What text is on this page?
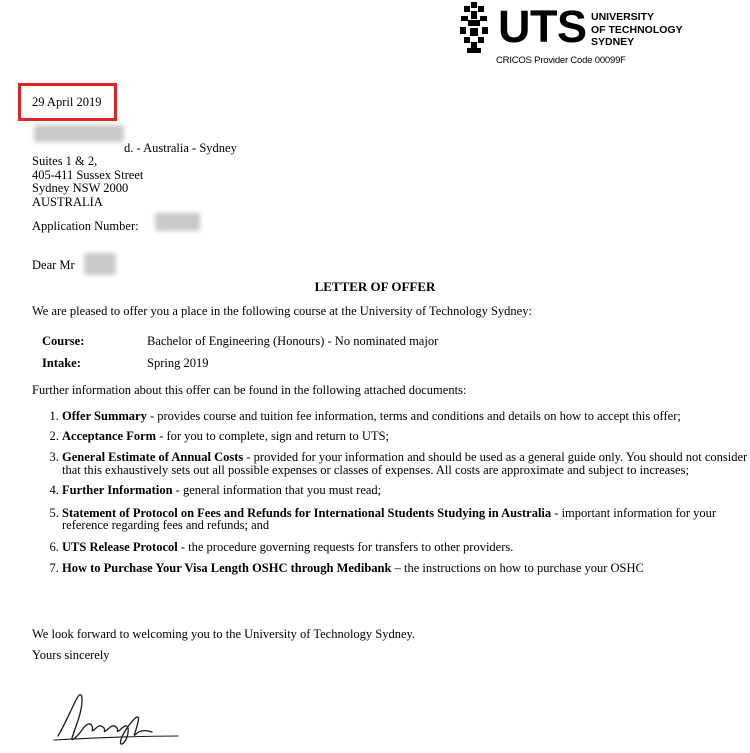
UTS UNIVERSITY
OF TECHNOLOGY
SYDNEY
CRICOS Provider Code 00099F
29 April 2019
d. - Australia - Sydney
Suites 1 & 2,
405-411 Sussex Street
Sydney NSW 2000
AUSTRALIA
Application Number:
Dear Mr
LETTER OF OFFER
We are pleased to offer you a place in the following course at the University of Technology Sydney:
Course:	Bachelor of Engineering (Honours) - No nominated major
Intake:	Spring 2019
Further information about this offer can be found in the following attached documents:
1. Offer Summary - provides course and tuition fee information, terms and conditions and details on how to accept this offer;
2. Acceptance Form - for you to complete, sign and return to UTS;
3. General Estimate of Annual Costs - provided for your information and should be used as a general guide only. You should not consider that this exhaustively sets out all possible expenses or classes of expenses. All costs are approximate and subject to increases;
4. Further Information - general information that you must read;
5. Statement of Protocol on Fees and Refunds for International Students Studying in Australia - important information for your reference regarding fees and refunds; and
6. UTS Release Protocol - the procedure governing requests for transfers to other providers.
7. How to Purchase Your Visa Length OSHC through Medibank – the instructions on how to purchase your OSHC
We look forward to welcoming you to the University of Technology Sydney.
Yours sincerely
